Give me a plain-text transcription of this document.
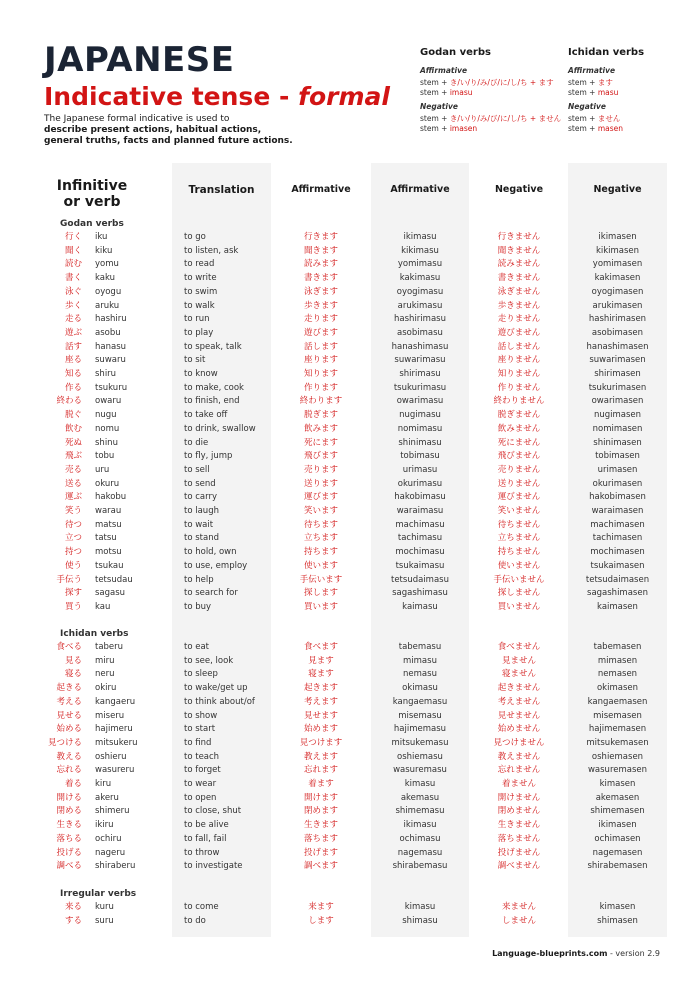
JAPANESE
Indicative tense - formal
The Japanese formal indicative is used to
describe present actions, habitual actions,
general truths, facts and planned future actions.
Godan verbs
Affirmative
stem + き/い/り/み/び/に/し/ち + ます
stem + imasu
Negative
stem + き/い/り/み/び/に/し/ち + ません
stem + imasen
Ichidan verbs
Affirmative
stem + ます
stem + masu
Negative
stem + ません
stem + masen
Infinitive
or verb
Translation	Affirmative	Affirmative	Negative	Negative
Godan verbs
行く iku	to go	行きます	ikimasu	行きません	ikimasen
聞く kiku	to listen, ask	聞きます	kikimasu	聞きません	kikimasen
読む yomu	to read	読みます	yomimasu	読みません	yomimasen
書く kaku	to write	書きます	kakimasu	書きません	kakimasen
泳ぐ oyogu	to swim	泳ぎます	oyogimasu	泳ぎません	oyogimasen
歩く aruku	to walk	歩きます	arukimasu	歩きません	arukimasen
走る hashiru	to run	走ります	hashirimasu	走りません	hashirimasen
遊ぶ asobu	to play	遊びます	asobimasu	遊びません	asobimasen
話す hanasu	to speak, talk	話します	hanashimasu	話しません	hanashimasen
座る suwaru	to sit	座ります	suwarimasu	座りません	suwarimasen
知る shiru	to know	知ります	shirimasu	知りません	shirimasen
作る tsukuru	to make, cook	作ります	tsukurimasu	作りません	tsukurimasen
終わる owaru	to finish, end	終わります	owarimasu	終わりません	owarimasen
脱ぐ nugu	to take off	脱ぎます	nugimasu	脱ぎません	nugimasen
飲む nomu	to drink, swallow	飲みます	nomimasu	飲みません	nomimasen
死ぬ shinu	to die	死にます	shinimasu	死にません	shinimasen
飛ぶ tobu	to fly, jump	飛びます	tobimasu	飛びません	tobimasen
売る uru	to sell	売ります	urimasu	売りません	urimasen
送る okuru	to send	送ります	okurimasu	送りません	okurimasen
運ぶ hakobu	to carry	運びます	hakobimasu	運びません	hakobimasen
笑う warau	to laugh	笑います	waraimasu	笑いません	waraimasen
待つ matsu	to wait	待ちます	machimasu	待ちません	machimasen
立つ tatsu	to stand	立ちます	tachimasu	立ちません	tachimasen
持つ motsu	to hold, own	持ちます	mochimasu	持ちません	mochimasen
使う tsukau	to use, employ	使います	tsukaimasu	使いません	tsukaimasen
手伝う tetsudau	to help	手伝います	tetsudaimasu	手伝いません	tetsudaimasen
探す sagasu	to search for	探します	sagashimasu	探しません	sagashimasen
買う kau	to buy	買います	kaimasu	買いません	kaimasen
Ichidan verbs
食べる taberu	to eat	食べます	tabemasu	食べません	tabemasen
見る miru	to see, look	見ます	mimasu	見ません	mimasen
寝る neru	to sleep	寝ます	nemasu	寝ません	nemasen
起きる okiru	to wake/get up	起きます	okimasu	起きません	okimasen
考える kangaeru	to think about/of	考えます	kangaemasu	考えません	kangaemasen
見せる miseru	to show	見せます	misemasu	見せません	misemasen
始める hajimeru	to start	始めます	hajimemasu	始めません	hajimemasen
見つける mitsukeru	to find	見つけます	mitsukemasu	見つけません	mitsukemasen
教える oshieru	to teach	教えます	oshiemasu	教えません	oshiemasen
忘れる wasureru	to forget	忘れます	wasuremasu	忘れません	wasuremasen
着る kiru	to wear	着ます	kimasu	着ません	kimasen
開ける akeru	to open	開けます	akemasu	開けません	akemasen
閉める shimeru	to close, shut	閉めます	shimemasu	閉めません	shimemasen
生きる ikiru	to be alive	生きます	ikimasu	生きません	ikimasen
落ちる ochiru	to fall, fail	落ちます	ochimasu	落ちません	ochimasen
投げる nageru	to throw	投げます	nagemasu	投げません	nagemasen
調べる shiraberu	to investigate	調べます	shirabemasu	調べません	shirabemasen
Irregular verbs
来る kuru	to come	来ます	kimasu	来ません	kimasen
する suru	to do	します	shimasu	しません	shimasen
Language-blueprints.com - version 2.9
